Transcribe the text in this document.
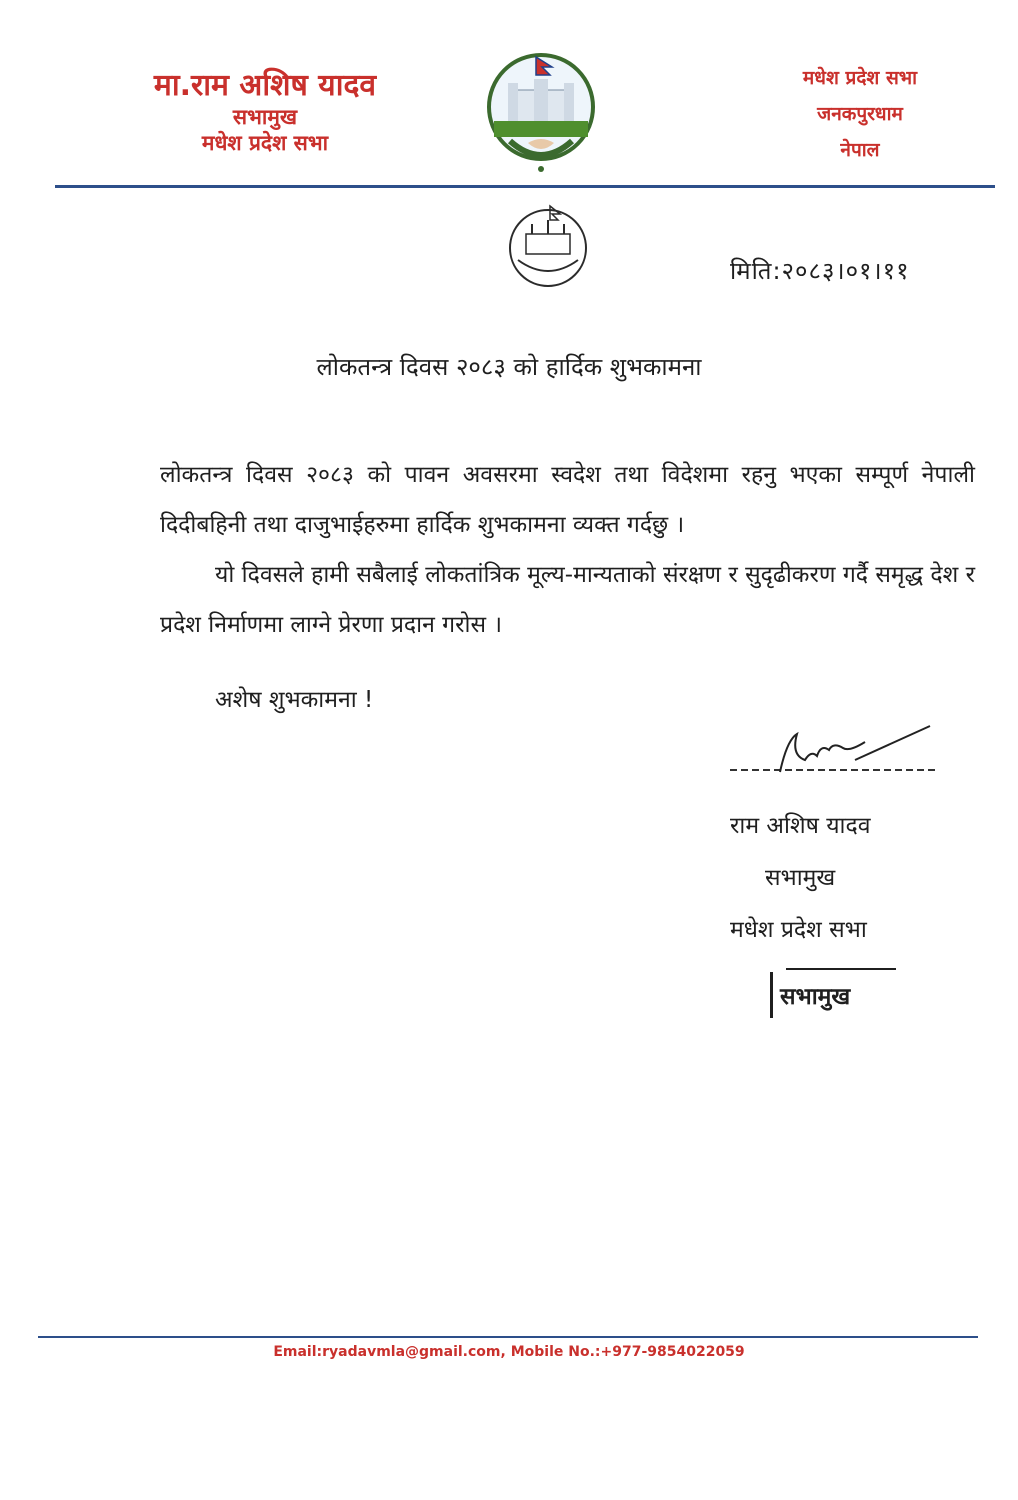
मा.राम अशिष यादव
सभामुख
मधेश प्रदेश सभा
मधेश प्रदेश सभा
जनकपुरधाम
नेपाल
मिति:२०८३।०१।११
लोकतन्त्र दिवस २०८३ को हार्दिक शुभकामना

लोकतन्त्र दिवस २०८३ को पावन अवसरमा स्वदेश तथा विदेशमा रहनु भएका सम्पूर्ण नेपाली दिदीबहिनी तथा दाजुभाईहरुमा हार्दिक शुभकामना व्यक्त गर्दछु ।

यो दिवसले हामी सबैलाई लोकतांत्रिक मूल्य-मान्यताको संरक्षण र सुदृढीकरण गर्दै समृद्ध देश र प्रदेश निर्माणमा लाग्ने प्रेरणा प्रदान गरोस ।

अशेष शुभकामना !
राम अशिष यादव
सभामुख
मधेश प्रदेश सभा
सभामुख
Email:ryadavmla@gmail.com, Mobile No.:+977-9854022059
